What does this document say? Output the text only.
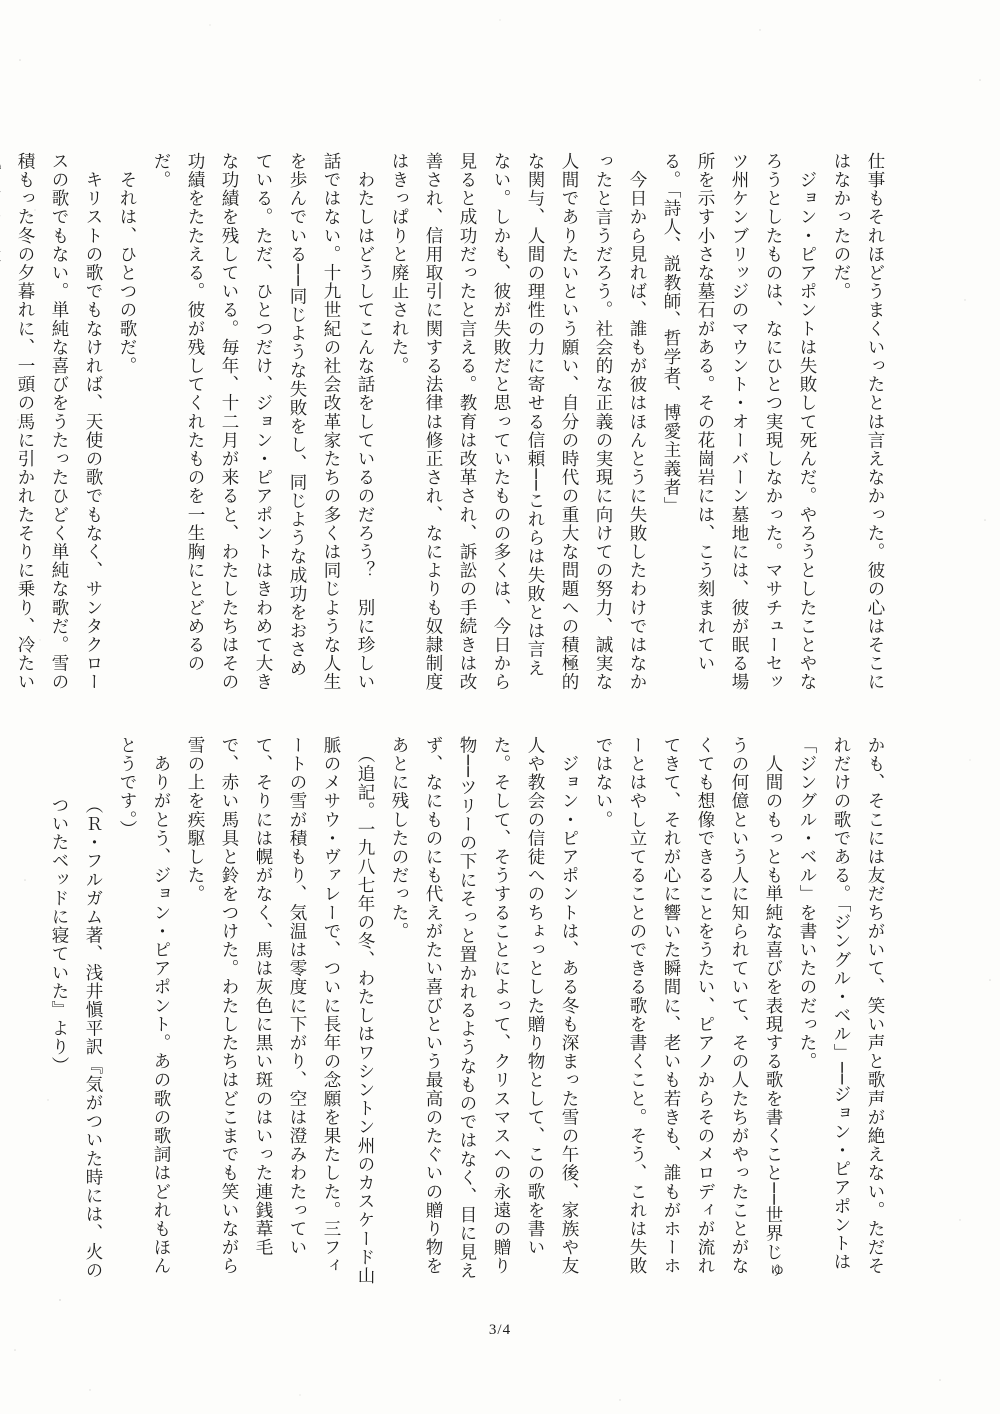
仕事もそれほどうまくいったとは言えなかった。彼の心はそこにはなかったのだ。

　ジョン・ピアポントは失敗して死んだ。やろうとしたことやなろうとしたものは、なにひとつ実現しなかった。マサチューセッツ州ケンブリッジのマウント・オーバーン墓地には、彼が眠る場所を示す小さな墓石がある。その花崗岩には、こう刻まれている。「詩人、説教師、哲学者、博愛主義者」

　今日から見れば、誰もが彼はほんとうに失敗したわけではなかったと言うだろう。社会的な正義の実現に向けての努力、誠実な人間でありたいという願い、自分の時代の重大な問題への積極的な関与、人間の理性の力に寄せる信頼──これらは失敗とは言えない。しかも、彼が失敗だと思っていたものの多くは、今日から見ると成功だったと言える。教育は改革され、訴訟の手続きは改善され、信用取引に関する法律は修正され、なによりも奴隷制度はきっぱりと廃止された。

　わたしはどうしてこんな話をしているのだろう？　別に珍しい話ではない。十九世紀の社会改革家たちの多くは同じような人生を歩んでいる──同じような失敗をし、同じような成功をおさめている。ただ、ひとつだけ、ジョン・ピアポントはきわめて大きな功績を残している。毎年、十二月が来ると、わたしたちはその功績をたたえる。彼が残してくれたものを一生胸にとどめるのだ。

　それは、ひとつの歌だ。

　キリストの歌でもなければ、天使の歌でもなく、サンタクロースの歌でもない。単純な喜びをうたったひどく単純な歌だ。雪の積もった冬の夕暮れに、一頭の馬に引かれたそりに乗り、冷たい

かも、そこには友だちがいて、笑い声と歌声が絶えない。ただそれだけの歌である。「ジングル・ベル」──ジョン・ピアポントは「ジングル・ベル」を書いたのだった。

　人間のもっとも単純な喜びを表現する歌を書くこと──世界じゅうの何億という人に知られていて、その人たちがやったことがなくても想像できることをうたい、ピアノからそのメロディが流れてきて、それが心に響いた瞬間に、老いも若きも、誰もがホーホーとはやし立てることのできる歌を書くこと。そう、これは失敗ではない。

　ジョン・ピアポントは、ある冬も深まった雪の午後、家族や友人や教会の信徒へのちょっとした贈り物として、この歌を書いた。そして、そうすることによって、クリスマスへの永遠の贈り物──ツリーの下にそっと置かれるようなものではなく、目に見えず、なにものにも代えがたい喜びという最高のたぐいの贈り物をあとに残したのだった。

　（追記。一九八七年の冬、わたしはワシントン州のカスケード山脈のメサウ・ヴァレーで、ついに長年の念願を果たした。三フィートの雪が積もり、気温は零度に下がり、空は澄みわたっていて、そりには幌がなく、馬は灰色に黒い斑のはいった連銭葦毛で、赤い馬具と鈴をつけた。わたしたちはどこまでも笑いながら雪の上を疾駆した。

　ありがとう、ジョン・ピアポント。あの歌の歌詞はどれもほんとうです。）

（Ｒ・フルガム著、浅井愼平訳『気がついた時には、火のついたベッドに寝ていた』より）

3/4
